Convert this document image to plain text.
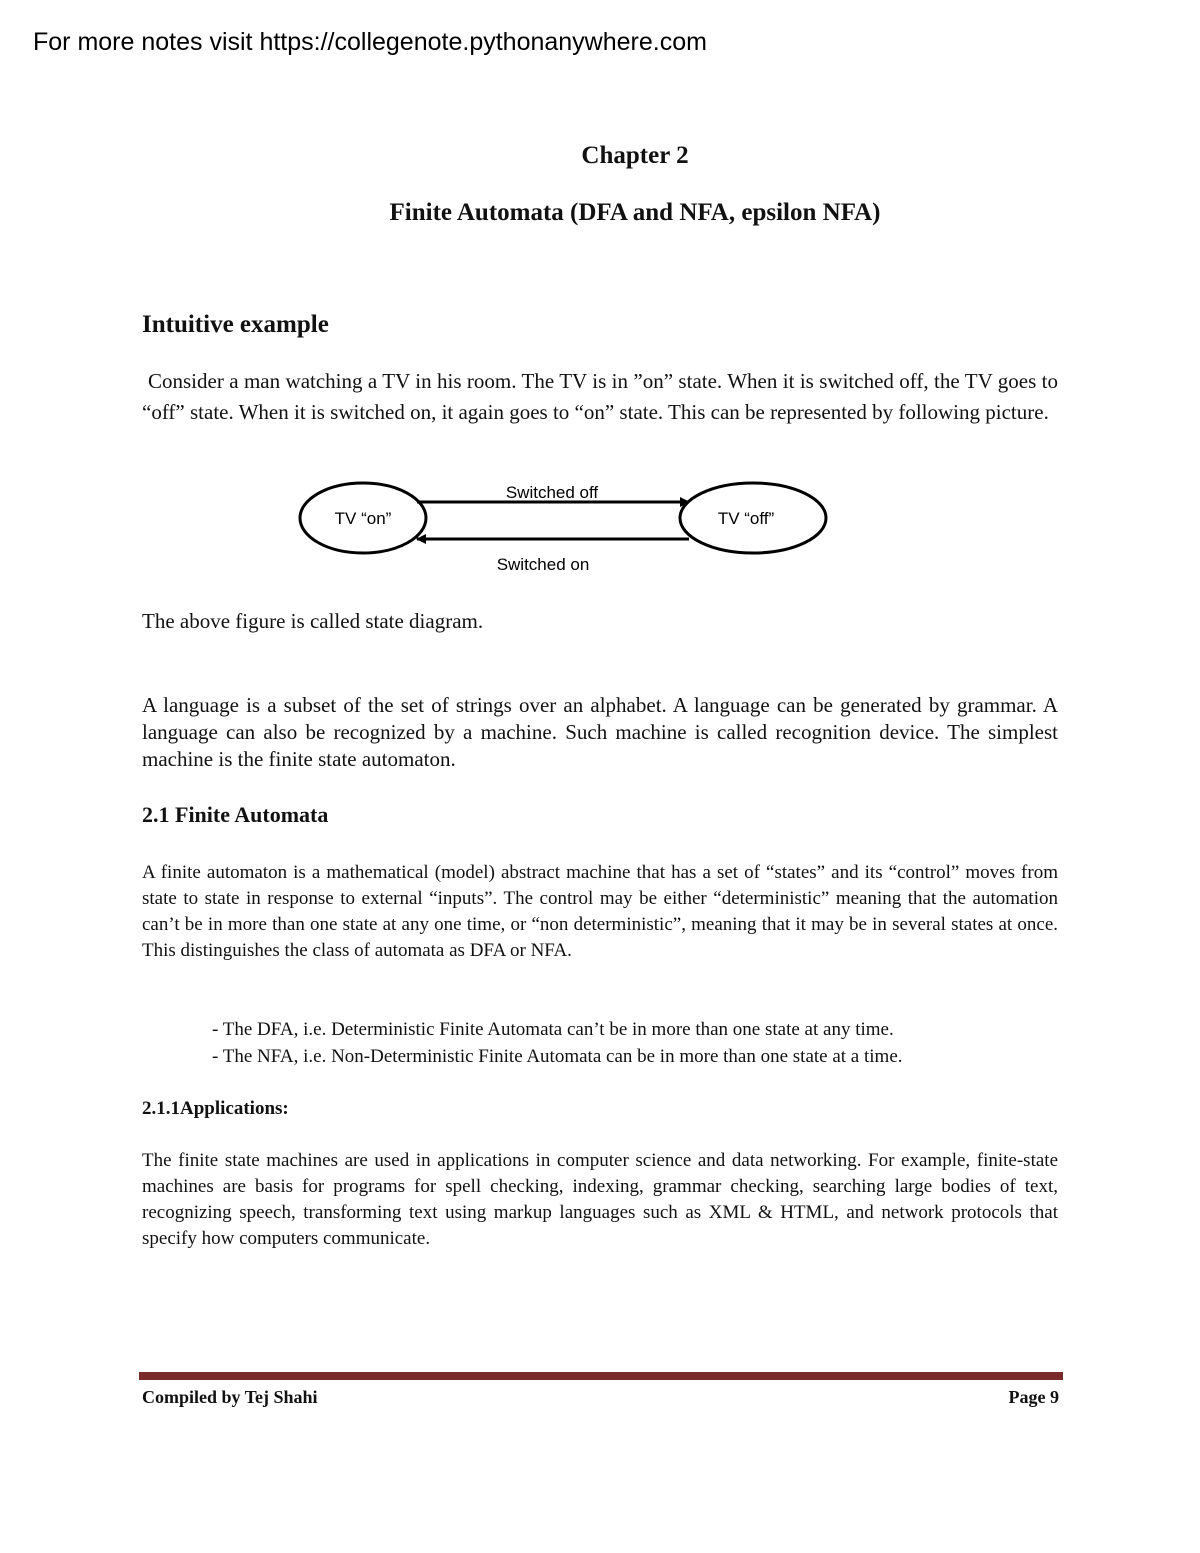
For more notes visit https://collegenote.pythonanywhere.com
Chapter 2
Finite Automata (DFA and NFA, epsilon NFA)
Intuitive example
Consider a man watching a TV in his room. The TV is in ”on” state. When it is switched off, the TV goes to “off” state. When it is switched on, it again goes to “on” state. This can be represented by following picture.
TV “on”	TV “off”
Switched off
Switched on
The above figure is called state diagram.
A language is a subset of the set of strings over an alphabet. A language can be generated by grammar. A language can also be recognized by a machine. Such machine is called recognition device. The simplest machine is the finite state automaton.
2.1 Finite Automata
A finite automaton is a mathematical (model) abstract machine that has a set of “states” and its “control” moves from state to state in response to external “inputs”. The control may be either “deterministic” meaning that the automation can’t be in more than one state at any one time, or “non deterministic”, meaning that it may be in several states at once. This distinguishes the class of automata as DFA or NFA.
- The DFA, i.e. Deterministic Finite Automata can’t be in more than one state at any time.
- The NFA, i.e. Non-Deterministic Finite Automata can be in more than one state at a time.
2.1.1Applications:
The finite state machines are used in applications in computer science and data networking. For example, finite-state machines are basis for programs for spell checking, indexing, grammar checking, searching large bodies of text, recognizing speech, transforming text using markup languages such as XML & HTML, and network protocols that specify how computers communicate.
Compiled by Tej Shahi	Page 9
